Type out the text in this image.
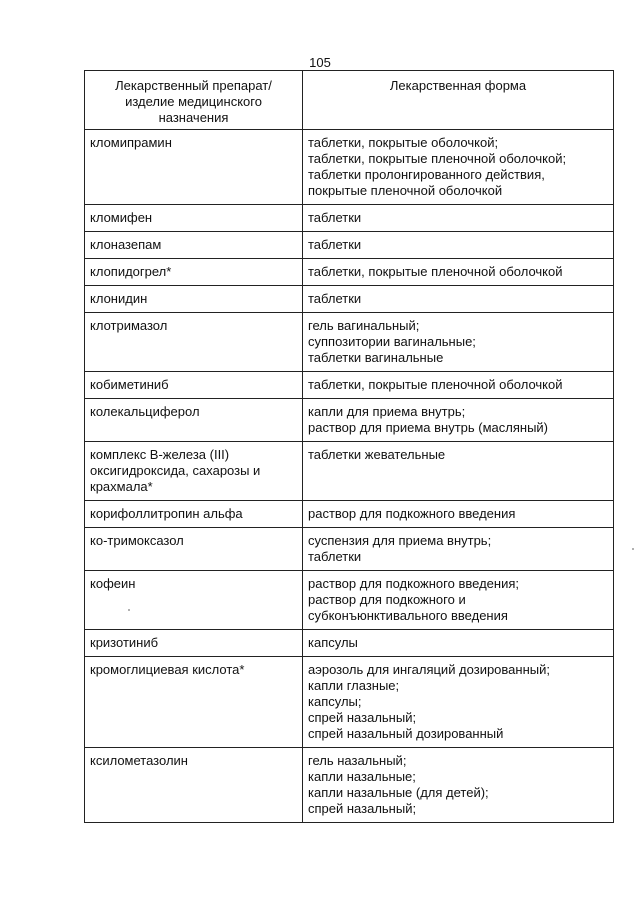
105
Лекарственный препарат/
изделие медицинского
назначения	Лекарственная форма

кломипрамин	таблетки, покрытые оболочкой;
таблетки, покрытые пленочной оболочкой;
таблетки пролонгированного действия,
покрытые пленочной оболочкой

кломифен	таблетки

клоназепам	таблетки

клопидогрел*	таблетки, покрытые пленочной оболочкой

клонидин	таблетки

клотримазол	гель вагинальный;
суппозитории вагинальные;
таблетки вагинальные

кобиметиниб	таблетки, покрытые пленочной оболочкой

колекальциферол	капли для приема внутрь;
раствор для приема внутрь (масляный)

комплекс В-железа (III)
оксигидроксида, сахарозы и
крахмала*	таблетки жевательные

корифоллитропин альфа	раствор для подкожного введения

ко-тримоксазол	суспензия для приема внутрь;
таблетки

кофеин	раствор для подкожного введения;
раствор для подкожного и
субконъюнктивального введения

кризотиниб	капсулы

кромоглициевая кислота*	аэрозоль для ингаляций дозированный;
капли глазные;
капсулы;
спрей назальный;
спрей назальный дозированный

ксилометазолин	гель назальный;
капли назальные;
капли назальные (для детей);
спрей назальный;
